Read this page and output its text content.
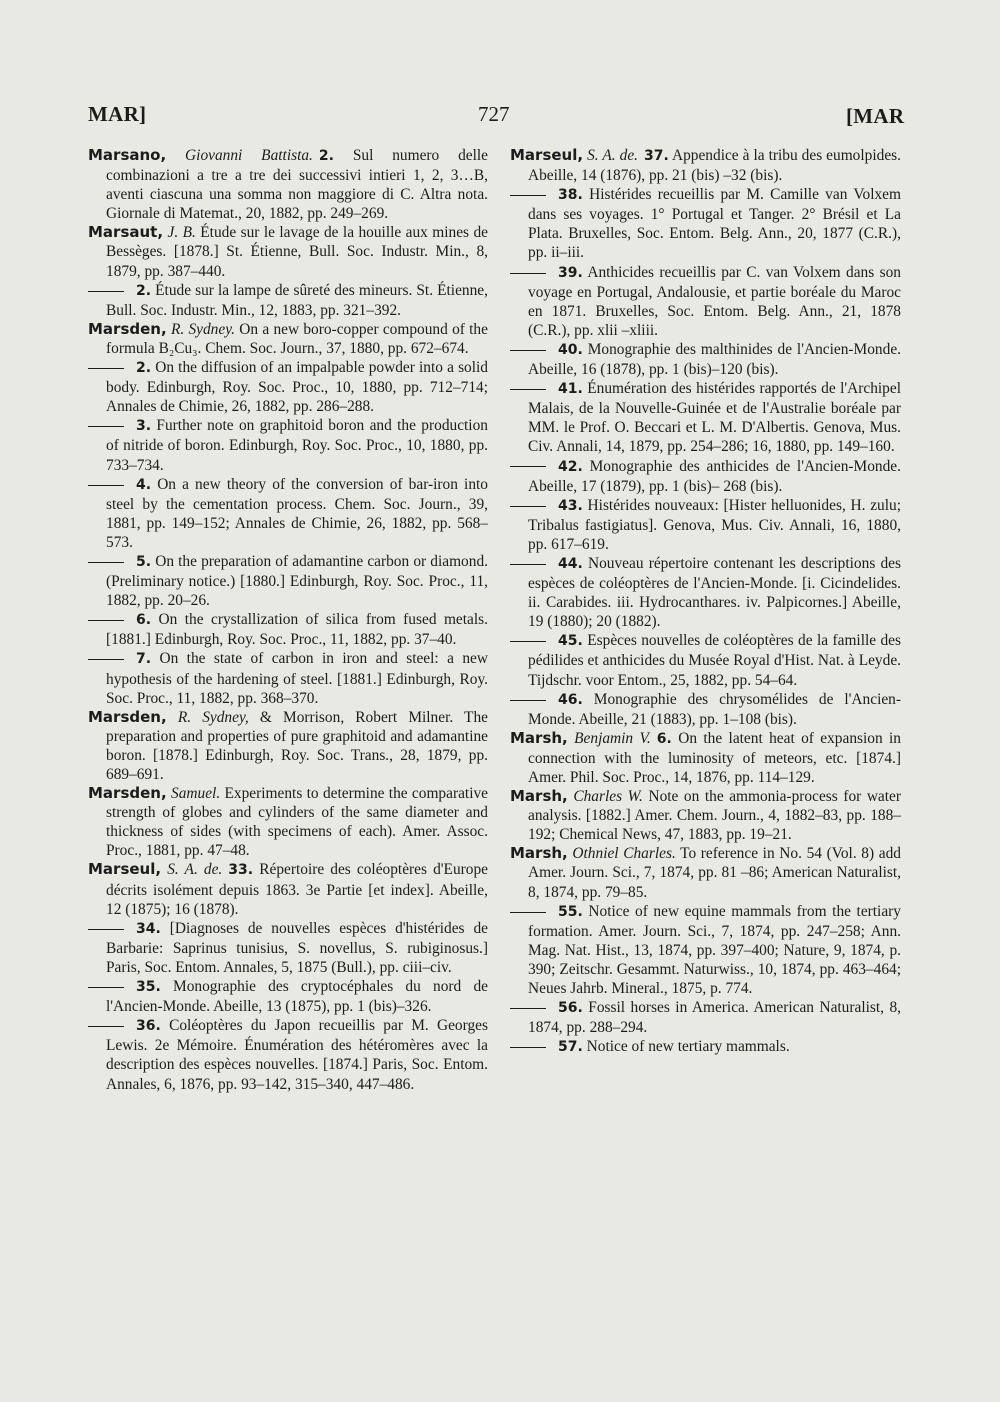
MAR]	727	[MAR

Marsano, Giovanni Battista. 2. Sul numero delle combinazioni a tre a tre dei successivi intieri 1, 2, 3…B, aventi ciascuna una somma non maggiore di C. Altra nota. Giornale di Matemat., 20, 1882, pp. 249–269.

Marsaut, J. B. Étude sur le lavage de la houille aux mines de Bessèges. [1878.] St. Étienne, Bull. Soc. Industr. Min., 8, 1879, pp. 387–440.

2. Étude sur la lampe de sûreté des mineurs. St. Étienne, Bull. Soc. Industr. Min., 12, 1883, pp. 321–392.

Marsden, R. Sydney. On a new boro-copper compound of the formula B₂Cu₃. Chem. Soc. Journ., 37, 1880, pp. 672–674.

2. On the diffusion of an impalpable powder into a solid body. Edinburgh, Roy. Soc. Proc., 10, 1880, pp. 712–714; Annales de Chimie, 26, 1882, pp. 286–288.

3. Further note on graphitoid boron and the production of nitride of boron. Edinburgh, Roy. Soc. Proc., 10, 1880, pp. 733–734.

4. On a new theory of the conversion of bar-iron into steel by the cementation process. Chem. Soc. Journ., 39, 1881, pp. 149–152; Annales de Chimie, 26, 1882, pp. 568–573.

5. On the preparation of adamantine carbon or diamond. (Preliminary notice.) [1880.] Edinburgh, Roy. Soc. Proc., 11, 1882, pp. 20–26.

6. On the crystallization of silica from fused metals. [1881.] Edinburgh, Roy. Soc. Proc., 11, 1882, pp. 37–40.

7. On the state of carbon in iron and steel: a new hypothesis of the hardening of steel. [1881.] Edinburgh, Roy. Soc. Proc., 11, 1882, pp. 368–370.

Marsden, R. Sydney, & Morrison, Robert Milner. The preparation and properties of pure graphitoid and adamantine boron. [1878.] Edinburgh, Roy. Soc. Trans., 28, 1879, pp. 689–691.

Marsden, Samuel. Experiments to determine the comparative strength of globes and cylinders of the same diameter and thickness of sides (with specimens of each). Amer. Assoc. Proc., 1881, pp. 47–48.

Marseul, S. A. de. 33. Répertoire des coléoptères d'Europe décrits isolément depuis 1863. 3e Partie [et index]. Abeille, 12 (1875); 16 (1878).

34. [Diagnoses de nouvelles espèces d'histérides de Barbarie: Saprinus tunisius, S. novellus, S. rubiginosus.] Paris, Soc. Entom. Annales, 5, 1875 (Bull.), pp. ciii–civ.

35. Monographie des cryptocéphales du nord de l'Ancien-Monde. Abeille, 13 (1875), pp. 1 (bis)–326.

36. Coléoptères du Japon recueillis par M. Georges Lewis. 2e Mémoire. Énumération des hétéromères avec la description des espèces nouvelles. [1874.] Paris, Soc. Entom. Annales, 6, 1876, pp. 93–142, 315–340, 447–486.

Marseul, S. A. de. 37. Appendice à la tribu des eumolpides. Abeille, 14 (1876), pp. 21 (bis) –32 (bis).

38. Histérides recueillis par M. Camille van Volxem dans ses voyages. 1° Portugal et Tanger. 2° Brésil et La Plata. Bruxelles, Soc. Entom. Belg. Ann., 20, 1877 (C.R.), pp. ii–iii.

39. Anthicides recueillis par C. van Volxem dans son voyage en Portugal, Andalousie, et partie boréale du Maroc en 1871. Bruxelles, Soc. Entom. Belg. Ann., 21, 1878 (C.R.), pp. xlii –xliii.

40. Monographie des malthinides de l'Ancien-Monde. Abeille, 16 (1878), pp. 1 (bis)–120 (bis).

41. Énumération des histérides rapportés de l'Archipel Malais, de la Nouvelle-Guinée et de l'Australie boréale par MM. le Prof. O. Beccari et L. M. D'Albertis. Genova, Mus. Civ. Annali, 14, 1879, pp. 254–286; 16, 1880, pp. 149–160.

42. Monographie des anthicides de l'Ancien-Monde. Abeille, 17 (1879), pp. 1 (bis)– 268 (bis).

43. Histérides nouveaux: [Hister helluonides, H. zulu; Tribalus fastigiatus]. Genova, Mus. Civ. Annali, 16, 1880, pp. 617–619.

44. Nouveau répertoire contenant les descriptions des espèces de coléoptères de l'Ancien-Monde. [i. Cicindelides. ii. Carabides. iii. Hydrocanthares. iv. Palpicornes.] Abeille, 19 (1880); 20 (1882).

45. Espèces nouvelles de coléoptères de la famille des pédilides et anthicides du Musée Royal d'Hist. Nat. à Leyde. Tijdschr. voor Entom., 25, 1882, pp. 54–64.

46. Monographie des chrysomélides de l'Ancien-Monde. Abeille, 21 (1883), pp. 1–108 (bis).

Marsh, Benjamin V. 6. On the latent heat of expansion in connection with the luminosity of meteors, etc. [1874.] Amer. Phil. Soc. Proc., 14, 1876, pp. 114–129.

Marsh, Charles W. Note on the ammonia-process for water analysis. [1882.] Amer. Chem. Journ., 4, 1882–83, pp. 188–192; Chemical News, 47, 1883, pp. 19–21.

Marsh, Othniel Charles. To reference in No. 54 (Vol. 8) add Amer. Journ. Sci., 7, 1874, pp. 81 –86; American Naturalist, 8, 1874, pp. 79–85.

55. Notice of new equine mammals from the tertiary formation. Amer. Journ. Sci., 7, 1874, pp. 247–258; Ann. Mag. Nat. Hist., 13, 1874, pp. 397–400; Nature, 9, 1874, p. 390; Zeitschr. Gesammt. Naturwiss., 10, 1874, pp. 463–464; Neues Jahrb. Mineral., 1875, p. 774.

56. Fossil horses in America. American Naturalist, 8, 1874, pp. 288–294.

57. Notice of new tertiary mammals.
